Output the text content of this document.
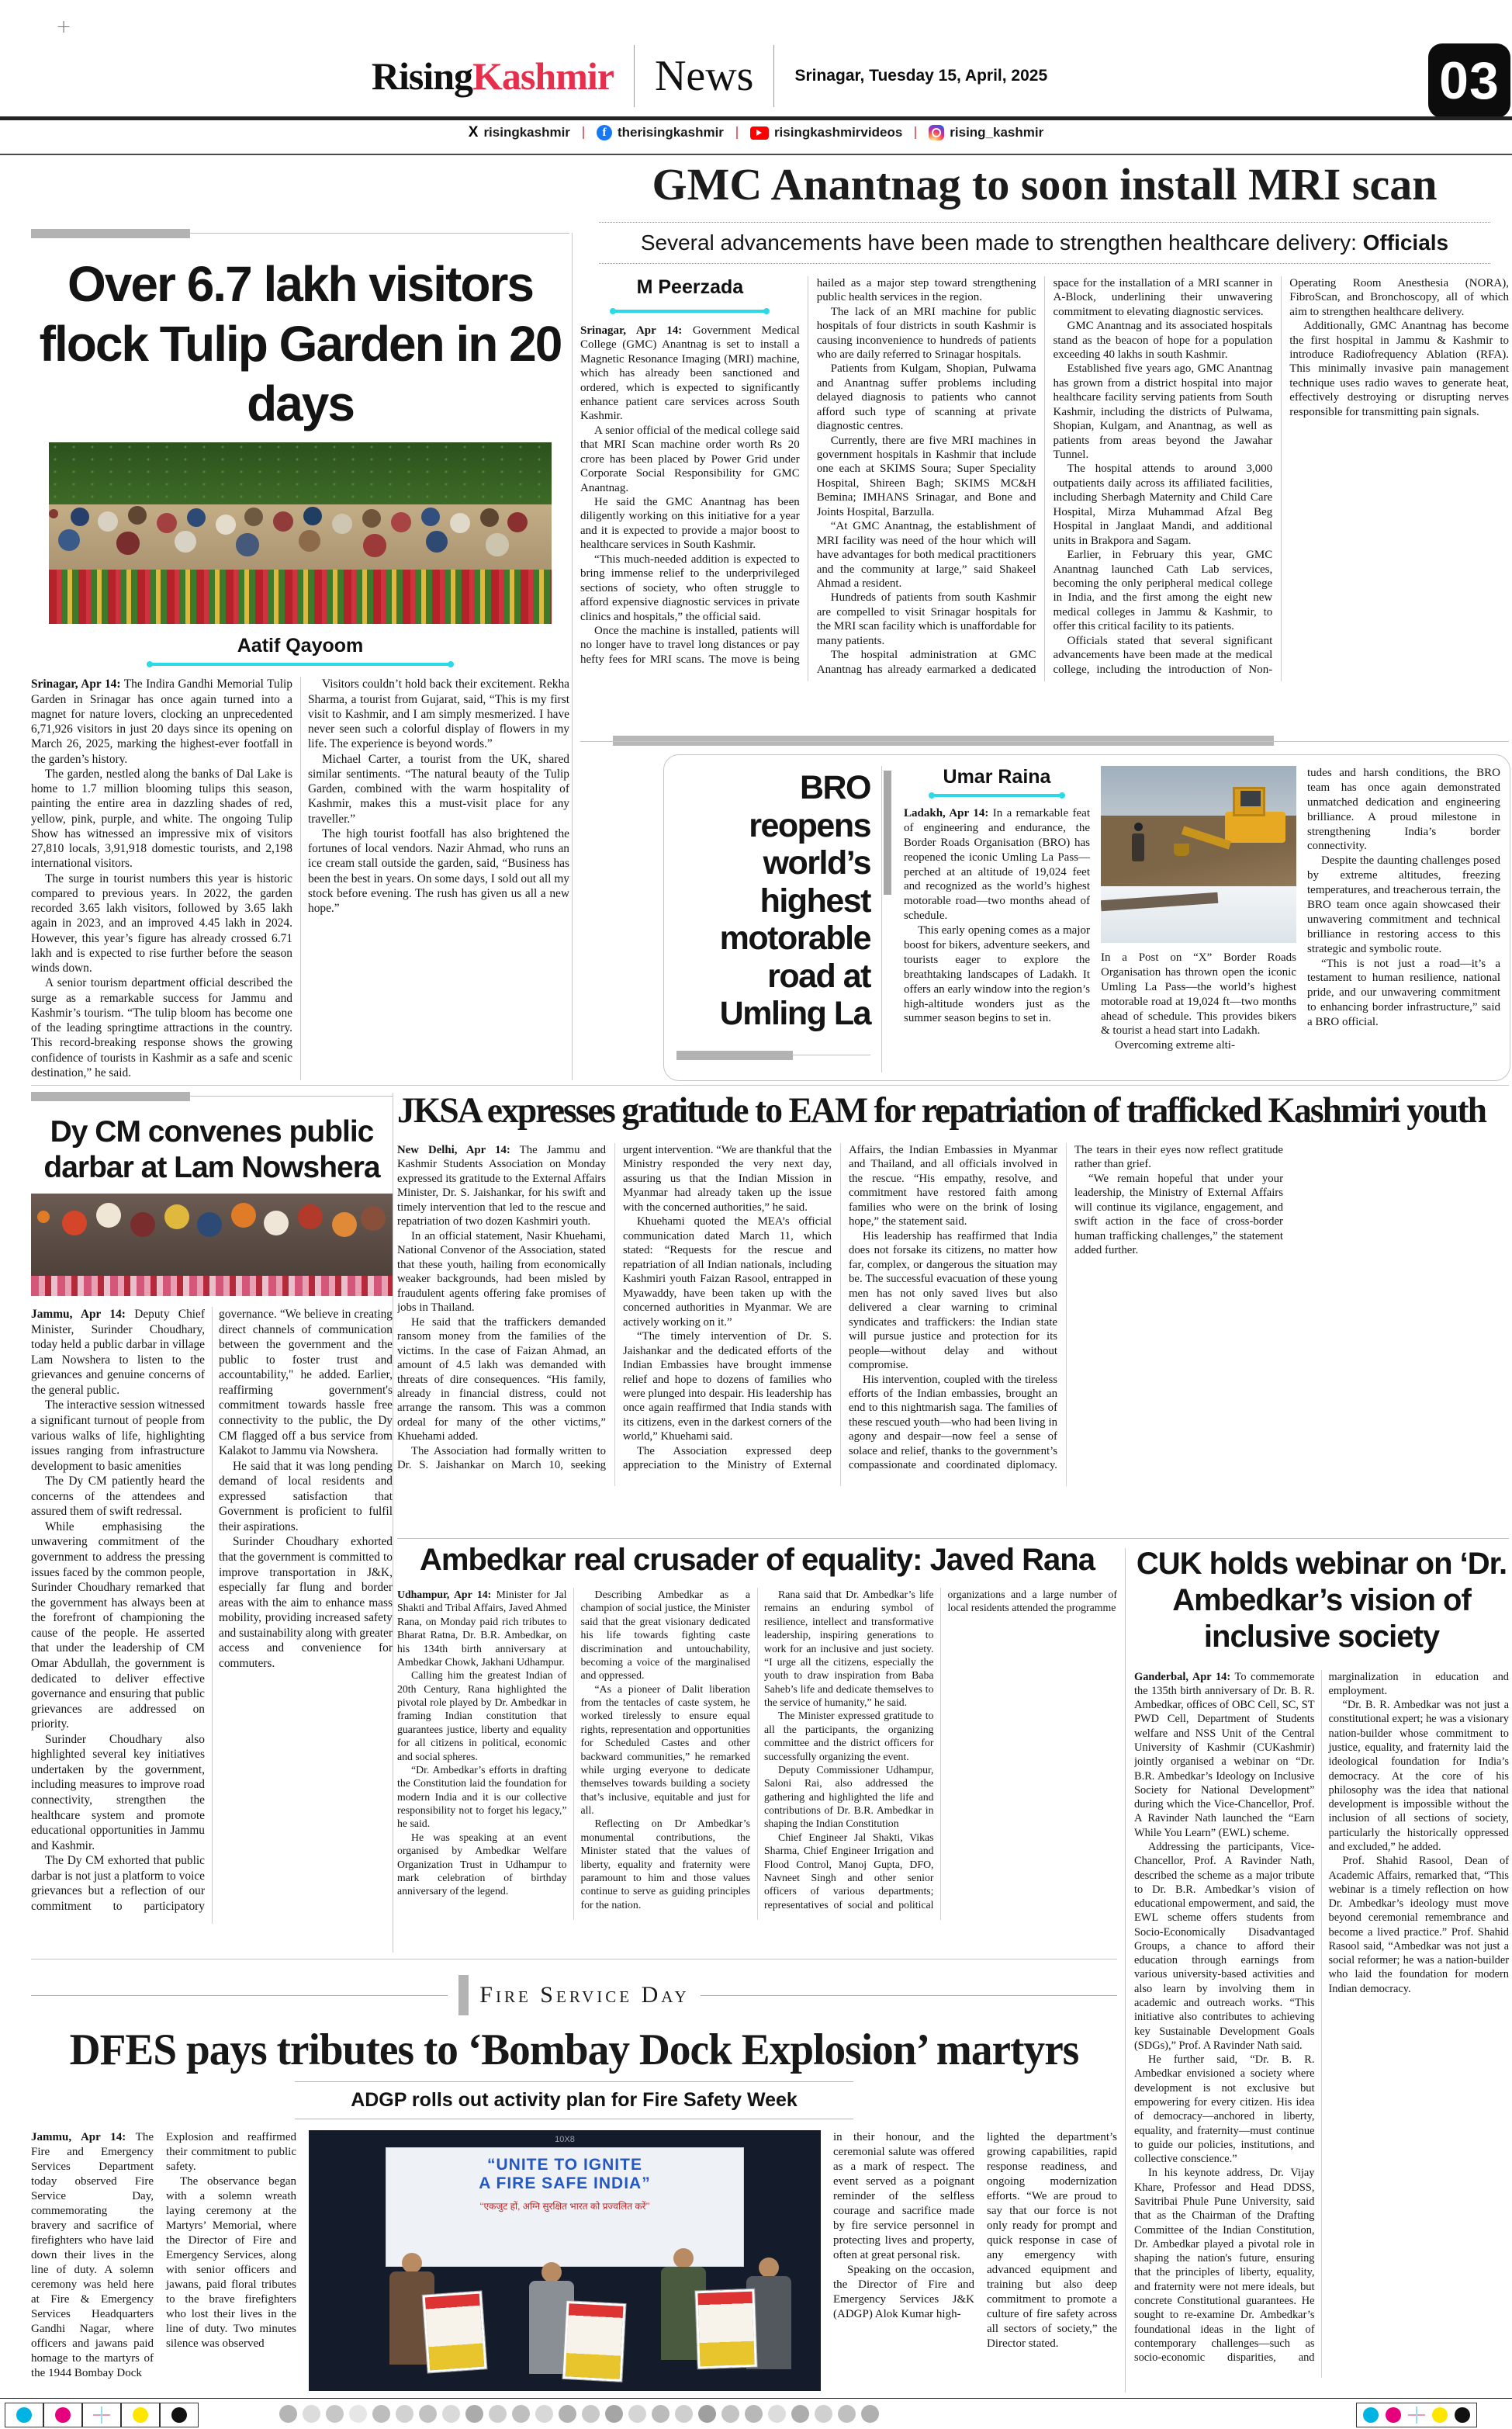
+
RisingKashmir News	Srinagar, Tuesday 15, April, 2025	03
X risingkashmir	f therisingkashmir	risingkashmirvideos	rising_kashmir
Over 6.7 lakh visitors flock Tulip Garden in 20 days
Aatif Qayoom

Srinagar, Apr 14: The Indira Gandhi Memorial Tulip Garden in Srinagar has once again turned into a magnet for nature lovers, clocking an unprecedented 6,71,926 visitors in just 20 days since its opening on March 26, 2025, marking the highest-ever footfall in the garden’s history.

The garden, nestled along the banks of Dal Lake is home to 1.7 million blooming tulips this season, painting the entire area in dazzling shades of red, yellow, pink, purple, and white. The ongoing Tulip Show has witnessed an impressive mix of visitors 27,810 locals, 3,91,918 domestic tourists, and 2,198 international visitors.

The surge in tourist numbers this year is historic compared to previous years. In 2022, the garden recorded 3.65 lakh visitors, followed by 3.65 lakh again in 2023, and an improved 4.45 lakh in 2024. However, this year’s figure has already crossed 6.71 lakh and is expected to rise further before the season winds down.

A senior tourism department official described the surge as a remarkable success for Jammu and Kashmir’s tourism. “The tulip bloom has become one of the leading springtime attractions in the country. This record-breaking response shows the growing confidence of tourists in Kashmir as a safe and scenic destination,” he said.

Visitors couldn’t hold back their excitement. Rekha Sharma, a tourist from Gujarat, said, “This is my first visit to Kashmir, and I am simply mesmerized. I have never seen such a colorful display of flowers in my life. The experience is beyond words.”

Michael Carter, a tourist from the UK, shared similar sentiments. “The natural beauty of the Tulip Garden, combined with the warm hospitality of Kashmir, makes this a must-visit place for any traveller.”

The high tourist footfall has also brightened the fortunes of local vendors. Nazir Ahmad, who runs an ice cream stall outside the garden, said, “Business has been the best in years. On some days, I sold out all my stock before evening. The rush has given us all a new hope.”

GMC Anantnag to soon install MRI scan
Several advancements have been made to strengthen healthcare delivery: Officials
M Peerzada

Srinagar, Apr 14: Government Medical College (GMC) Anantnag is set to install a Magnetic Resonance Imaging (MRI) machine, which has already been sanctioned and ordered, which is expected to significantly enhance patient care services across South Kashmir.

A senior official of the medical college said that MRI Scan machine order worth Rs 20 crore has been placed by Power Grid under Corporate Social Responsibility for GMC Anantnag.

He said the GMC Anantnag has been diligently working on this initiative for a year and it is expected to provide a major boost to healthcare services in South Kashmir.

“This much-needed addition is expected to bring immense relief to the underprivileged sections of society, who often struggle to afford expensive diagnostic services in private clinics and hospitals,” the official said.

Once the machine is installed, patients will no longer have to travel long distances or pay hefty fees for MRI scans. The move is being hailed as a major step toward strengthening public health services in the region.

The lack of an MRI machine for public hospitals of four districts in south Kashmir is causing inconvenience to hundreds of patients who are daily referred to Srinagar hospitals.

Patients from Kulgam, Shopian, Pulwama and Anantnag suffer problems including delayed diagnosis to patients who cannot afford such type of scanning at private diagnostic centres.

Currently, there are five MRI machines in government hospitals in Kashmir that include one each at SKIMS Soura; Super Speciality Hospital, Shireen Bagh; SKIMS MC&H Bemina; IMHANS Srinagar, and Bone and Joints Hospital, Barzulla.

“At GMC Anantnag, the establishment of MRI facility was need of the hour which will have advantages for both medical practitioners and the community at large,” said Shakeel Ahmad a resident.

Hundreds of patients from south Kashmir are compelled to visit Srinagar hospitals for the MRI scan facility which is unaffordable for many patients.

The hospital administration at GMC Anantnag has already earmarked a dedicated space for the installation of a MRI scanner in A-Block, underlining their unwavering commitment to elevating diagnostic services.

GMC Anantnag and its associated hospitals stand as the beacon of hope for a population exceeding 40 lakhs in south Kashmir.

Established five years ago, GMC Anantnag has grown from a district hospital into major healthcare facility serving patients from South Kashmir, including the districts of Pulwama, Shopian, Kulgam, and Anantnag, as well as patients from areas beyond the Jawahar Tunnel.

The hospital attends to around 3,000 outpatients daily across its affiliated facilities, including Sherbagh Maternity and Child Care Hospital, Mirza Muhammad Afzal Beg Hospital in Janglaat Mandi, and additional units in Brakpora and Sagam.

Earlier, in February this year, GMC Anantnag launched Cath Lab services, becoming the only peripheral medical college in India, and the first among the eight new medical colleges in Jammu & Kashmir, to offer this critical facility to its patients.

Officials stated that several significant advancements have been made at the medical college, including the introduction of Non-Operating Room Anesthesia (NORA), FibroScan, and Bronchoscopy, all of which aim to strengthen healthcare delivery.

Additionally, GMC Anantnag has become the first hospital in Jammu & Kashmir to introduce Radiofrequency Ablation (RFA). This minimally invasive pain management technique uses radio waves to generate heat, effectively destroying or disrupting nerves responsible for transmitting pain signals.

BRO reopens world’s highest motorable road at Umling La
Umar Raina

Ladakh, Apr 14: In a remarkable feat of engineering and endurance, the Border Roads Organisation (BRO) has reopened the iconic Umling La Pass—perched at an altitude of 19,024 feet and recognized as the world’s highest motorable road—two months ahead of schedule.

This early opening comes as a major boost for bikers, adventure seekers, and tourists eager to explore the breathtaking landscapes of Ladakh. It offers an early window into the region’s high-altitude wonders just as the summer season begins to set in.

In a Post on “X” Border Roads Organisation has thrown open the iconic Umling La Pass—the world’s highest motorable road at 19,024 ft—two months ahead of schedule. This provides bikers & tourist a head start into Ladakh.

Overcoming extreme alti-

tudes and harsh conditions, the BRO team has once again demonstrated unmatched dedication and engineering brilliance. A proud milestone in strengthening India’s border connectivity.

Despite the daunting challenges posed by extreme altitudes, freezing temperatures, and treacherous terrain, the BRO team once again showcased their unwavering commitment and technical brilliance in restoring access to this strategic and symbolic route.

“This is not just a road—it’s a testament to human resilience, national pride, and our unwavering commitment to enhancing border infrastructure,” said a BRO official.

Dy CM convenes public darbar at Lam Nowshera

Jammu, Apr 14: Deputy Chief Minister, Surinder Choudhary, today held a public darbar in village Lam Nowshera to listen to the grievances and genuine concerns of the general public.

The interactive session witnessed a significant turnout of people from various walks of life, highlighting issues ranging from infrastructure development to basic amenities

The Dy CM patiently heard the concerns of the attendees and assured them of swift redressal.

While emphasising the unwavering commitment of the government to address the pressing issues faced by the common people, Surinder Choudhary remarked that the government has always been at the forefront of championing the cause of the people. He asserted that under the leadership of CM Omar Abdullah, the government is dedicated to deliver effective governance and ensuring that public grievances are addressed on priority.

Surinder Choudhary also highlighted several key initiatives undertaken by the government, including measures to improve road connectivity, strengthen the healthcare system and promote educational opportunities in Jammu and Kashmir.

The Dy CM exhorted that public darbar is not just a platform to voice grievances but a reflection of our commitment to participatory governance. “We believe in creating direct channels of communication between the government and the public to foster trust and accountability," he added. Earlier, reaffirming government's commitment towards hassle free connectivity to the public, the Dy CM flagged off a bus service from Kalakot to Jammu via Nowshera.

He said that it was long pending demand of local residents and expressed satisfaction that Government is proficient to fulfil their aspirations.

Surinder Choudhary exhorted that the government is committed to improve transportation in J&K, especially far flung and border areas with the aim to enhance mass mobility, providing increased safety and sustainability along with greater access and convenience for commuters.

JKSA expresses gratitude to EAM for repatriation of trafficked Kashmiri youth

New Delhi, Apr 14: The Jammu and Kashmir Students Association on Monday expressed its gratitude to the External Affairs Minister, Dr. S. Jaishankar, for his swift and timely intervention that led to the rescue and repatriation of two dozen Kashmiri youth.

In an official statement, Nasir Khuehami, National Convenor of the Association, stated that these youth, hailing from economically weaker backgrounds, had been misled by fraudulent agents offering fake promises of jobs in Thailand.

He said that the traffickers demanded ransom money from the families of the victims. In the case of Faizan Ahmad, an amount of 4.5 lakh was demanded with threats of dire consequences. “His family, already in financial distress, could not arrange the ransom. This was a common ordeal for many of the other victims,” Khuehami added.

The Association had formally written to Dr. S. Jaishankar on March 10, seeking urgent intervention. “We are thankful that the Ministry responded the very next day, assuring us that the Indian Mission in Myanmar had already taken up the issue with the concerned authorities,” he said.

Khuehami quoted the MEA’s official communication dated March 11, which stated: “Requests for the rescue and repatriation of all Indian nationals, including Kashmiri youth Faizan Rasool, entrapped in Myawaddy, have been taken up with the concerned authorities in Myanmar. We are actively working on it.”

“The timely intervention of Dr. S. Jaishankar and the dedicated efforts of the Indian Embassies have brought immense relief and hope to dozens of families who were plunged into despair. His leadership has once again reaffirmed that India stands with its citizens, even in the darkest corners of the world,” Khuehami said.

The Association expressed deep appreciation to the Ministry of External Affairs, the Indian Embassies in Myanmar and Thailand, and all officials involved in the rescue. “His empathy, resolve, and commitment have restored faith among families who were on the brink of losing hope,” the statement said.

His leadership has reaffirmed that India does not forsake its citizens, no matter how far, complex, or dangerous the situation may be. The successful evacuation of these young men has not only saved lives but also delivered a clear warning to criminal syndicates and traffickers: the Indian state will pursue justice and protection for its people—without delay and without compromise.

His intervention, coupled with the tireless efforts of the Indian embassies, brought an end to this nightmarish saga. The families of these rescued youth—who had been living in agony and despair—now feel a sense of solace and relief, thanks to the government’s compassionate and coordinated diplomacy. The tears in their eyes now reflect gratitude rather than grief.

“We remain hopeful that under your leadership, the Ministry of External Affairs will continue its vigilance, engagement, and swift action in the face of cross-border human trafficking challenges,” the statement added further.

Ambedkar real crusader of equality: Javed Rana

Udhampur, Apr 14: Minister for Jal Shakti and Tribal Affairs, Javed Ahmed Rana, on Monday paid rich tributes to Bharat Ratna, Dr. B.R. Ambedkar, on his 134th birth anniversary at Ambedkar Chowk, Jakhani Udhampur.

Calling him the greatest Indian of 20th Century, Rana highlighted the pivotal role played by Dr. Ambedkar in framing Indian constitution that guarantees justice, liberty and equality for all citizens in political, economic and social spheres.

“Dr. Ambedkar’s efforts in drafting the Constitution laid the foundation for modern India and it is our collective responsibility not to forget his legacy,” he said.

He was speaking at an event organised by Ambedkar Welfare Organization Trust in Udhampur to mark celebration of birthday anniversary of the legend.

Describing Ambedkar as a champion of social justice, the Minister said that the great visionary dedicated his life towards fighting caste discrimination and untouchability, becoming a voice of the marginalised and oppressed.

“As a pioneer of Dalit liberation from the tentacles of caste system, he worked tirelessly to ensure equal rights, representation and opportunities for Scheduled Castes and other backward communities,” he remarked while urging everyone to dedicate themselves towards building a society that’s inclusive, equitable and just for all.

Reflecting on Dr Ambedkar’s monumental contributions, the Minister stated that the values of liberty, equality and fraternity were paramount to him and those values continue to serve as guiding principles for the nation.

Rana said that Dr. Ambedkar’s life remains an enduring symbol of resilience, intellect and transformative leadership, inspiring generations to work for an inclusive and just society. “I urge all the citizens, especially the youth to draw inspiration from Baba Saheb’s life and dedicate themselves to the service of humanity,” he said.

The Minister expressed gratitude to all the participants, the organizing committee and the district officers for successfully organizing the event.

Deputy Commissioner Udhampur, Saloni Rai, also addressed the gathering and highlighted the life and contributions of Dr. B.R. Ambedkar in shaping the Indian Constitution

Chief Engineer Jal Shakti, Vikas Sharma, Chief Engineer Irrigation and Flood Control, Manoj Gupta, DFO, Navneet Singh and other senior officers of various departments; representatives of social and political organizations and a large number of local residents attended the programme

CUK holds webinar on ‘Dr. Ambedkar’s vision of inclusive society

Ganderbal, Apr 14: To commemorate the 135th birth anniversary of Dr. B. R. Ambedkar, offices of OBC Cell, SC, ST PWD Cell, Department of Students welfare and NSS Unit of the Central University of Kashmir (CUKashmir) jointly organised a webinar on “Dr. B.R. Ambedkar’s Ideology on Inclusive Society for National Development” during which the Vice-Chancellor, Prof. A Ravinder Nath launched the “Earn While You Learn” (EWL) scheme.

Addressing the participants, Vice-Chancellor, Prof. A Ravinder Nath, described the scheme as a major tribute to Dr. B.R. Ambedkar’s vision of educational empowerment, and said, the EWL scheme offers students from Socio-Economically Disadvantaged Groups, a chance to afford their education through earnings from various university-based activities and also learn by involving them in academic and outreach works. “This initiative also contributes to achieving key Sustainable Development Goals (SDGs),” Prof. A Ravinder Nath said.

He further said, “Dr. B. R. Ambedkar envisioned a society where development is not exclusive but empowering for every citizen. His idea of democracy—anchored in liberty, equality, and fraternity—must continue to guide our policies, institutions, and collective conscience.”

In his keynote address, Dr. Vijay Khare, Professor and Head DDSS, Savitribai Phule Pune University, said that as the Chairman of the Drafting Committee of the Indian Constitution, Dr. Ambedkar played a pivotal role in shaping the nation's future, ensuring that the principles of liberty, equality, and fraternity were not mere ideals, but concrete Constitutional guarantees. He sought to re-examine Dr. Ambedkar’s foundational ideas in the light of contemporary challenges—such as socio-economic disparities, and marginalization in education and employment.

“Dr. B. R. Ambedkar was not just a constitutional expert; he was a visionary nation-builder whose commitment to justice, equality, and fraternity laid the ideological foundation for India’s democracy. At the core of his philosophy was the idea that national development is impossible without the inclusion of all sections of society, particularly the historically oppressed and excluded,” he added.

Prof. Shahid Rasool, Dean of Academic Affairs, remarked that, “This webinar is a timely reflection on how Dr. Ambedkar’s ideology must move beyond ceremonial remembrance and become a lived practice.” Prof. Shahid Rasool said, “Ambedkar was not just a social reformer; he was a nation-builder who laid the foundation for modern Indian democracy.

Fire Service Day
DFES pays tributes to ‘Bombay Dock Explosion’ martyrs
ADGP rolls out activity plan for Fire Safety Week

Jammu, Apr 14: The Fire and Emergency Services Department today observed Fire Service Day, commemorating the bravery and sacrifice of firefighters who have laid down their lives in the line of duty. A solemn ceremony was held here at Fire & Emergency Services Headquarters Gandhi Nagar, where officers and jawans paid homage to the martyrs of the 1944 Bombay Dock

Explosion and reaffirmed their commitment to public safety.

The observance began with a solemn wreath laying ceremony at the Martyrs’ Memorial, where the Director of Fire and Emergency Services, along with senior officers and jawans, paid floral tributes to the brave firefighters who lost their lives in the line of duty. Two minutes silence was observed

10X8
“UNITE TO IGNITE
A FIRE SAFE INDIA”
‘‘एकजुट हों, अग्नि सुरक्षित भारत को प्रज्वलित करें’’

in their honour, and the ceremonial salute was offered as a mark of respect. The event served as a poignant reminder of the selfless courage and sacrifice made by fire service personnel in protecting lives and property, often at great personal risk.

Speaking on the occasion, the Director of Fire and Emergency Services J&K (ADGP) Alok Kumar high-

lighted the department’s growing capabilities, rapid response readiness, and ongoing modernization efforts. “We are proud to say that our force is not only ready for prompt and quick response in case of any emergency with advanced equipment and training but also deep commitment to promote a culture of fire safety across all sectors of society,” the Director stated.
